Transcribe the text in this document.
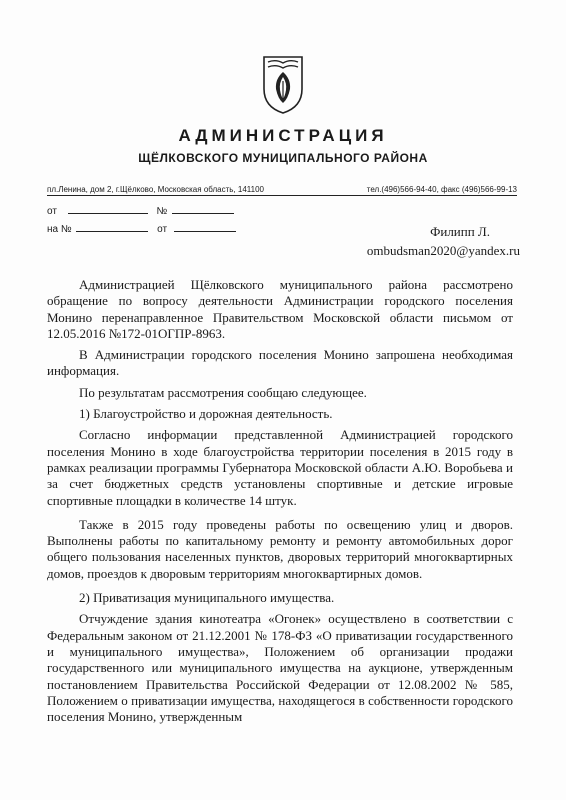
АДМИНИСТРАЦИЯ
ЩЁЛКОВСКОГО МУНИЦИПАЛЬНОГО РАЙОНА
пл.Ленина, дом 2, г.Щёлково, Московская область, 141100	тел.(496)566-94-40, факс (496)566-99-13
от	№
на №	от	Филипп Л.
ombudsman2020@yandex.ru

Администрацией Щёлковского муниципального района рассмотрено обращение по вопросу деятельности Администрации городского поселения Монино перенаправленное Правительством Московской области письмом от 12.05.2016 №172-01ОГПР-8963.

В Администрации городского поселения Монино запрошена необходимая информация.

По результатам рассмотрения сообщаю следующее.

1) Благоустройство и дорожная деятельность.

Согласно информации представленной Администрацией городского поселения Монино в ходе благоустройства территории поселения в 2015 году в рамках реализации программы Губернатора Московской области А.Ю. Воробьева и за счет бюджетных средств установлены спортивные и детские игровые спортивные площадки в количестве 14 штук.

Также в 2015 году проведены работы по освещению улиц и дворов. Выполнены работы по капитальному ремонту и ремонту автомобильных дорог общего пользования населенных пунктов, дворовых территорий многоквартирных домов, проездов к дворовым территориям многоквартирных домов.

2) Приватизация муниципального имущества.

Отчуждение здания кинотеатра «Огонек» осуществлено в соответствии с Федеральным законом от 21.12.2001 № 178-ФЗ «О приватизации государственного и муниципального имущества», Положением об организации продажи государственного или муниципального имущества на аукционе, утвержденным постановлением Правительства Российской Федерации от 12.08.2002 № 585, Положением о приватизации имущества, находящегося в собственности городского поселения Монино, утвержденным
